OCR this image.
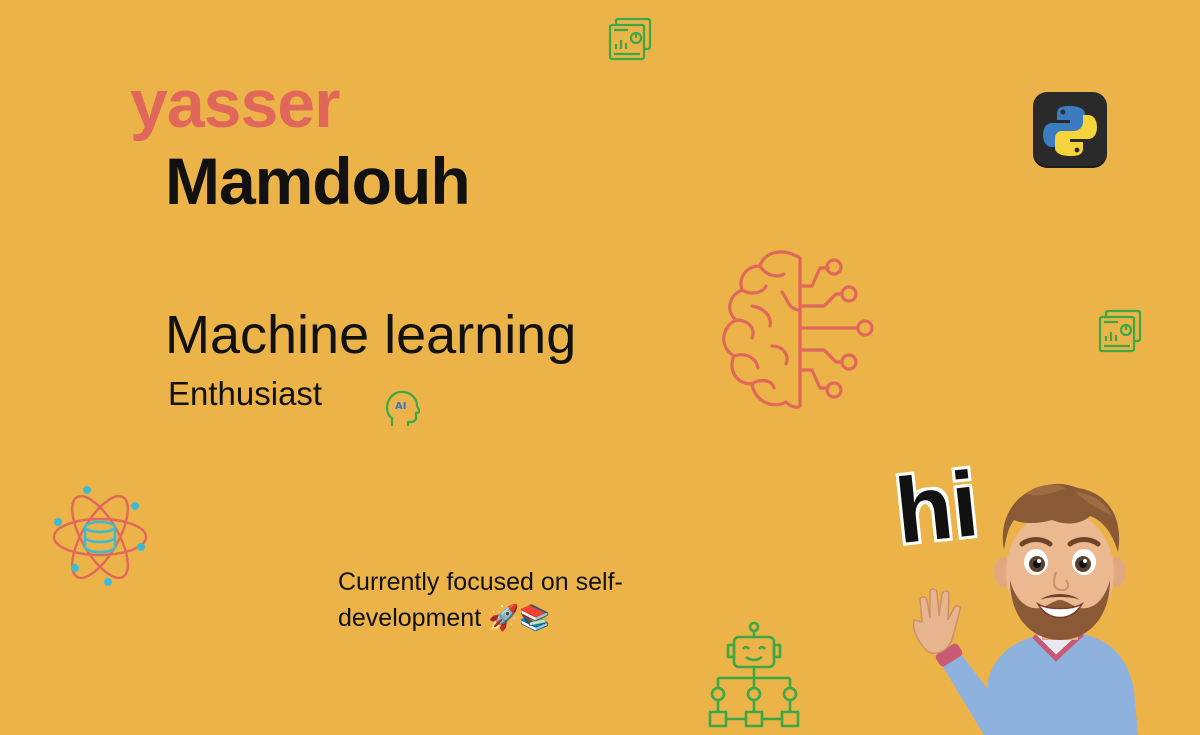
yasser
Mamdouh
Machine learning
Enthusiast
Currently focused on self-development 🚀📚
AI
hi
